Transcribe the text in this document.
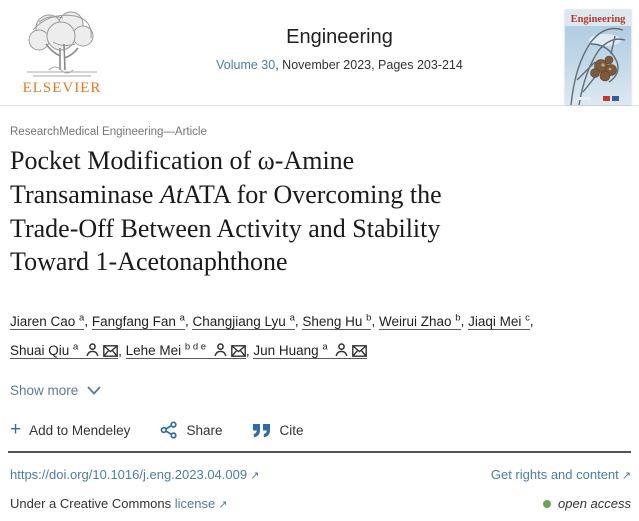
ELSEVIER
Engineering
Volume 30, November 2023, Pages 203-214
Engineering
ResearchMedical Engineering—Article
Pocket Modification of ω-Amine Transaminase AtATA for Overcoming the Trade-Off Between Activity and Stability Toward 1-Acetonaphthone
Jiaren Cao $^a$, Fangfang Fan $^a$, Changjiang Lyu $^a$, Sheng Hu $^b$, Weirui Zhao $^b$, Jiaqi Mei $^c$,
Shuai Qiu $^a$	, Lehe Mei $^{b d e}$	, Jun Huang $^a$
Show more
+ Add to Mendeley	Share	Cite
https://doi.org/10.1016/j.eng.2023.04.009 ↗	Get rights and content ↗
Under a Creative Commons license ↗	open access
